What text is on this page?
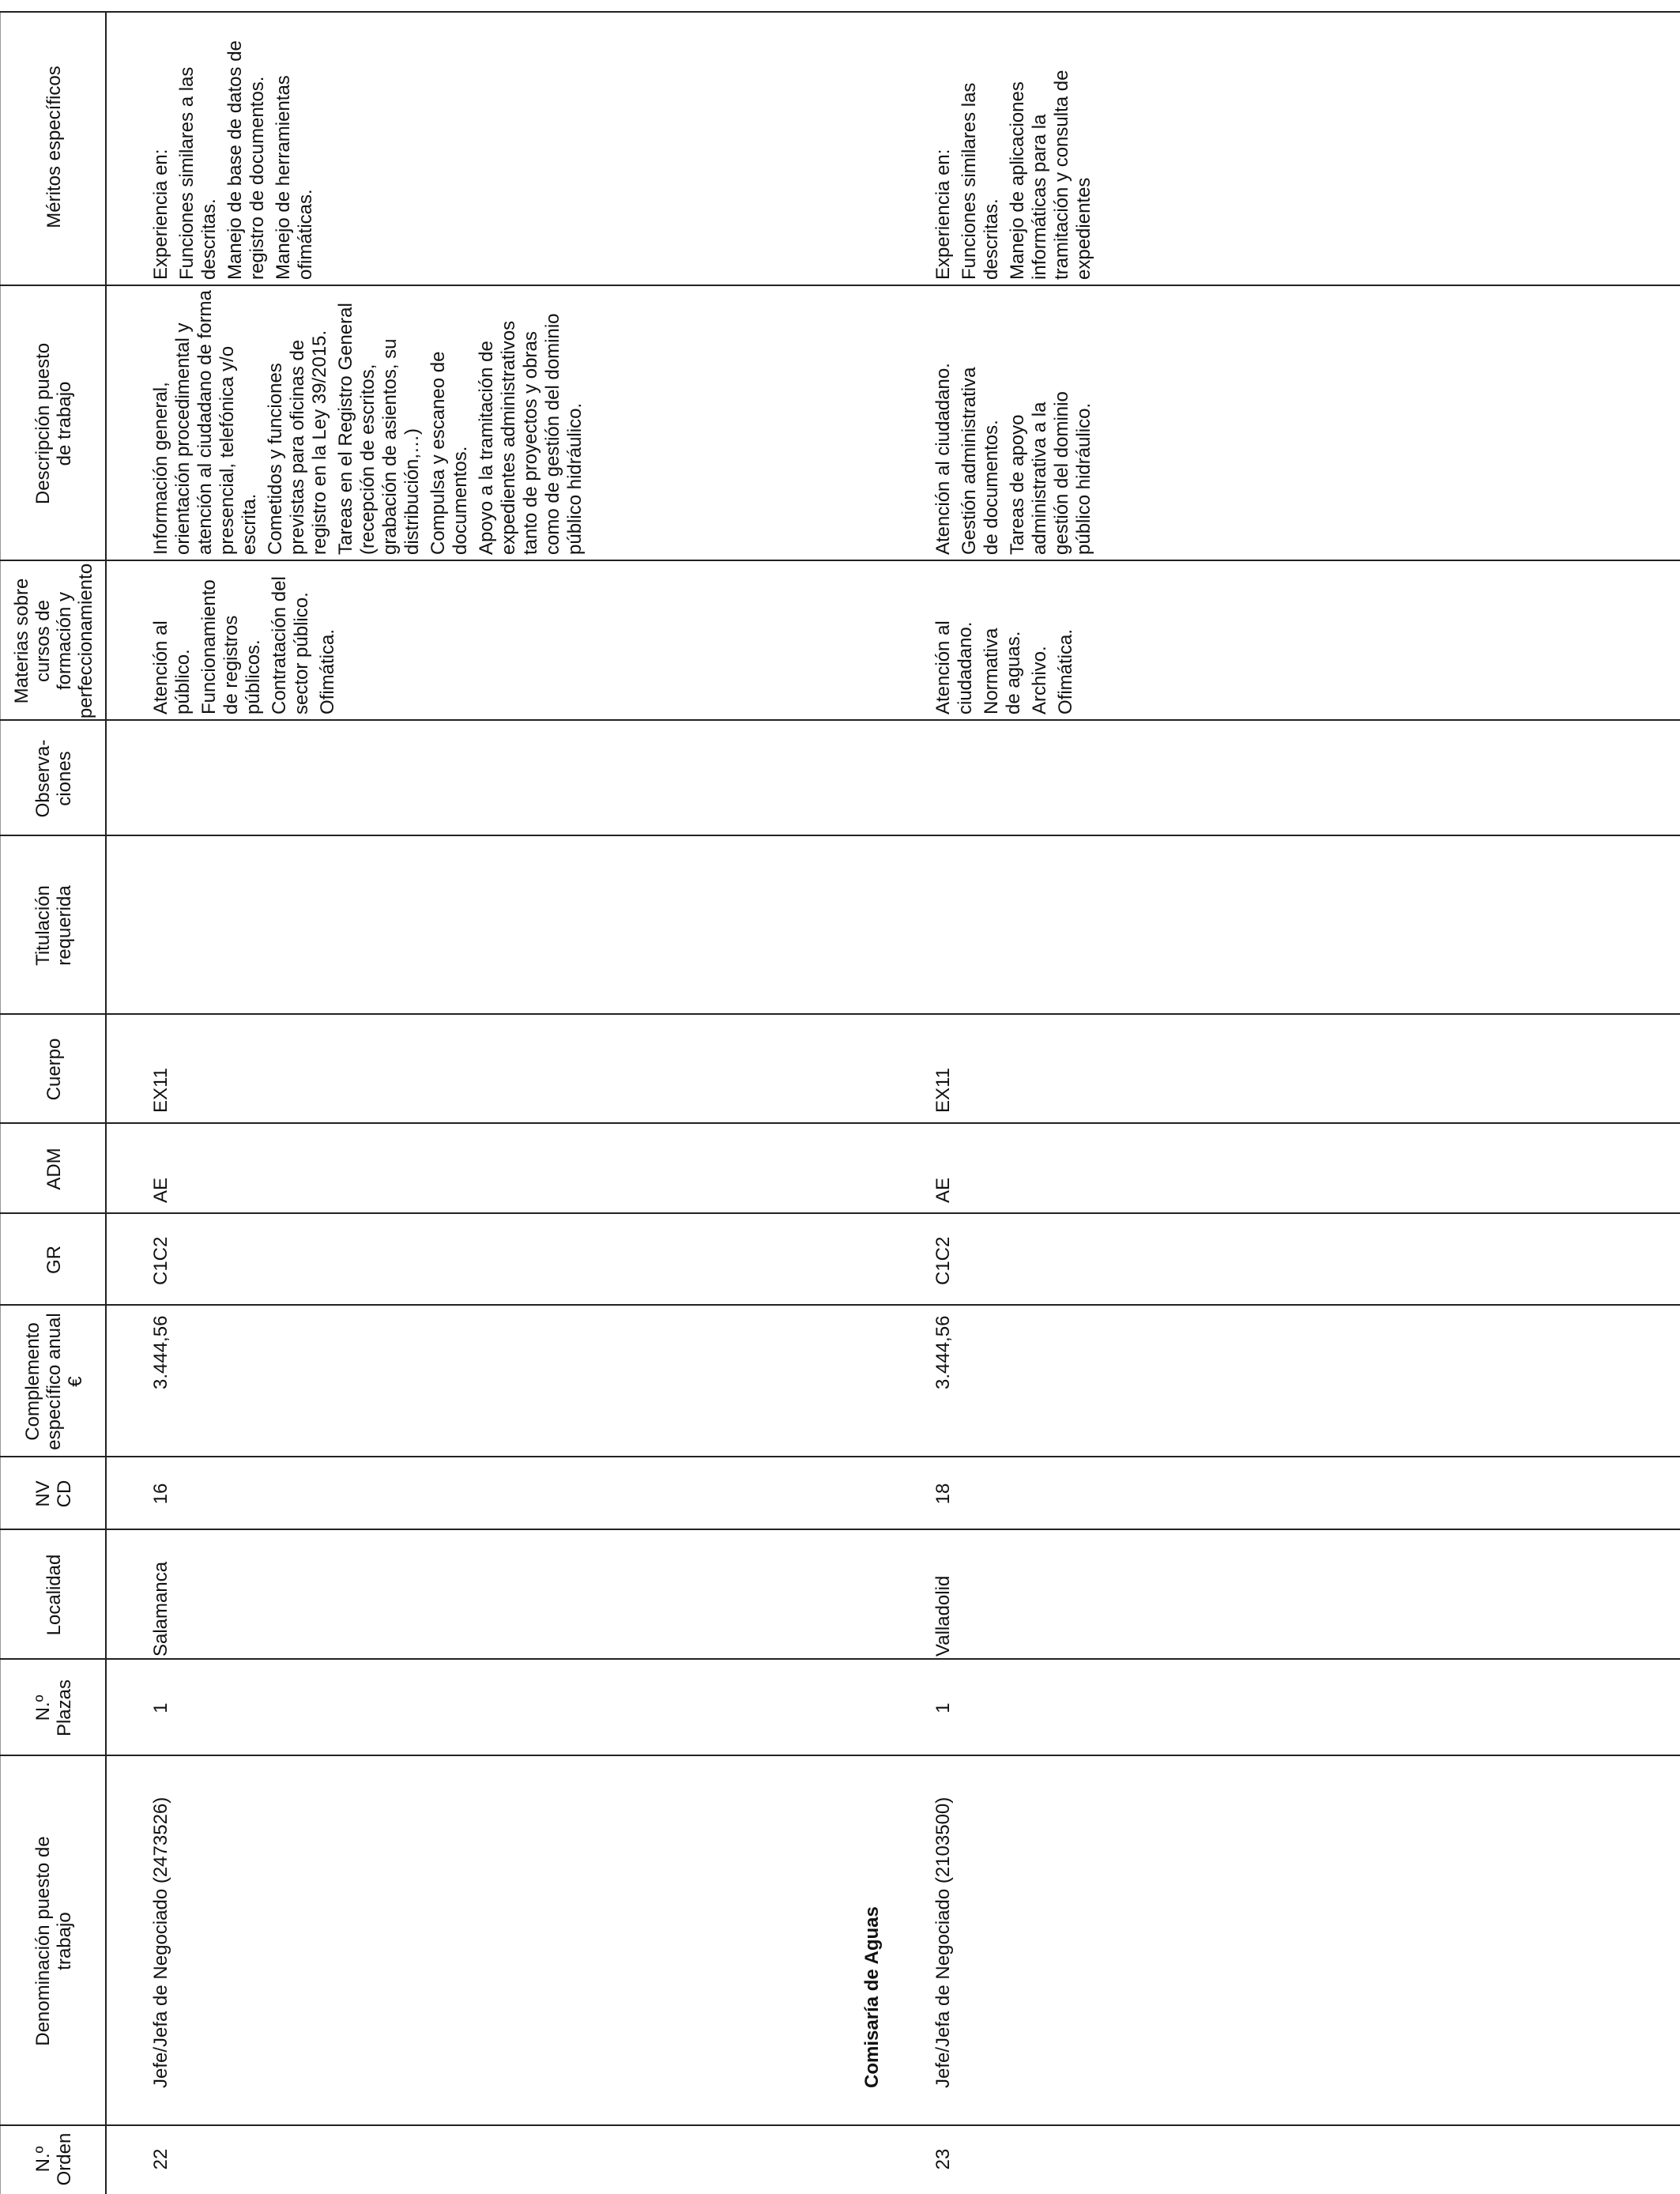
N.º Orden
Denominación puesto de trabajo
N.º Plazas
Localidad
NV CD
Complemento específico anual €
GR
ADM
Cuerpo
Titulación requerida
Observa-ciones
Materias sobre cursos de formación y perfeccionamiento
Descripción puesto de trabajo
Méritos específicos
22
Jefe/Jefa de Negociado (2473526)
1
Salamanca
16
3.444,56
C1C2
AE
EX11

Atención al público. Funcionamiento de registros públicos. Contratación del sector público. Ofimática.

Información general, orientación procedimental y atención al ciudadano de forma presencial, telefónica y/o escrita. Cometidos y funciones previstas para oficinas de registro en la Ley 39/2015. Tareas en el Registro General (recepción de escritos, grabación de asientos, su distribución,…) Compulsa y escaneo de documentos. Apoyo a la tramitación de expedientes administrativos tanto de proyectos y obras como de gestión del dominio público hidráulico.

Experiencia en: Funciones similares a las descritas. Manejo de base de datos de registro de documentos. Manejo de herramientas ofimáticas.

Comisaría de Aguas
23
Jefe/Jefa de Negociado (2103500)
1
Valladolid
18
3.444,56
C1C2
AE
EX11

Atención al ciudadano. Normativa de aguas. Archivo. Ofimática.

Atención al ciudadano. Gestión administrativa de documentos. Tareas de apoyo administrativa a la gestión del dominio público hidráulico.

Experiencia en: Funciones similares las descritas. Manejo de aplicaciones informáticas para la tramitación y consulta de expedientes
